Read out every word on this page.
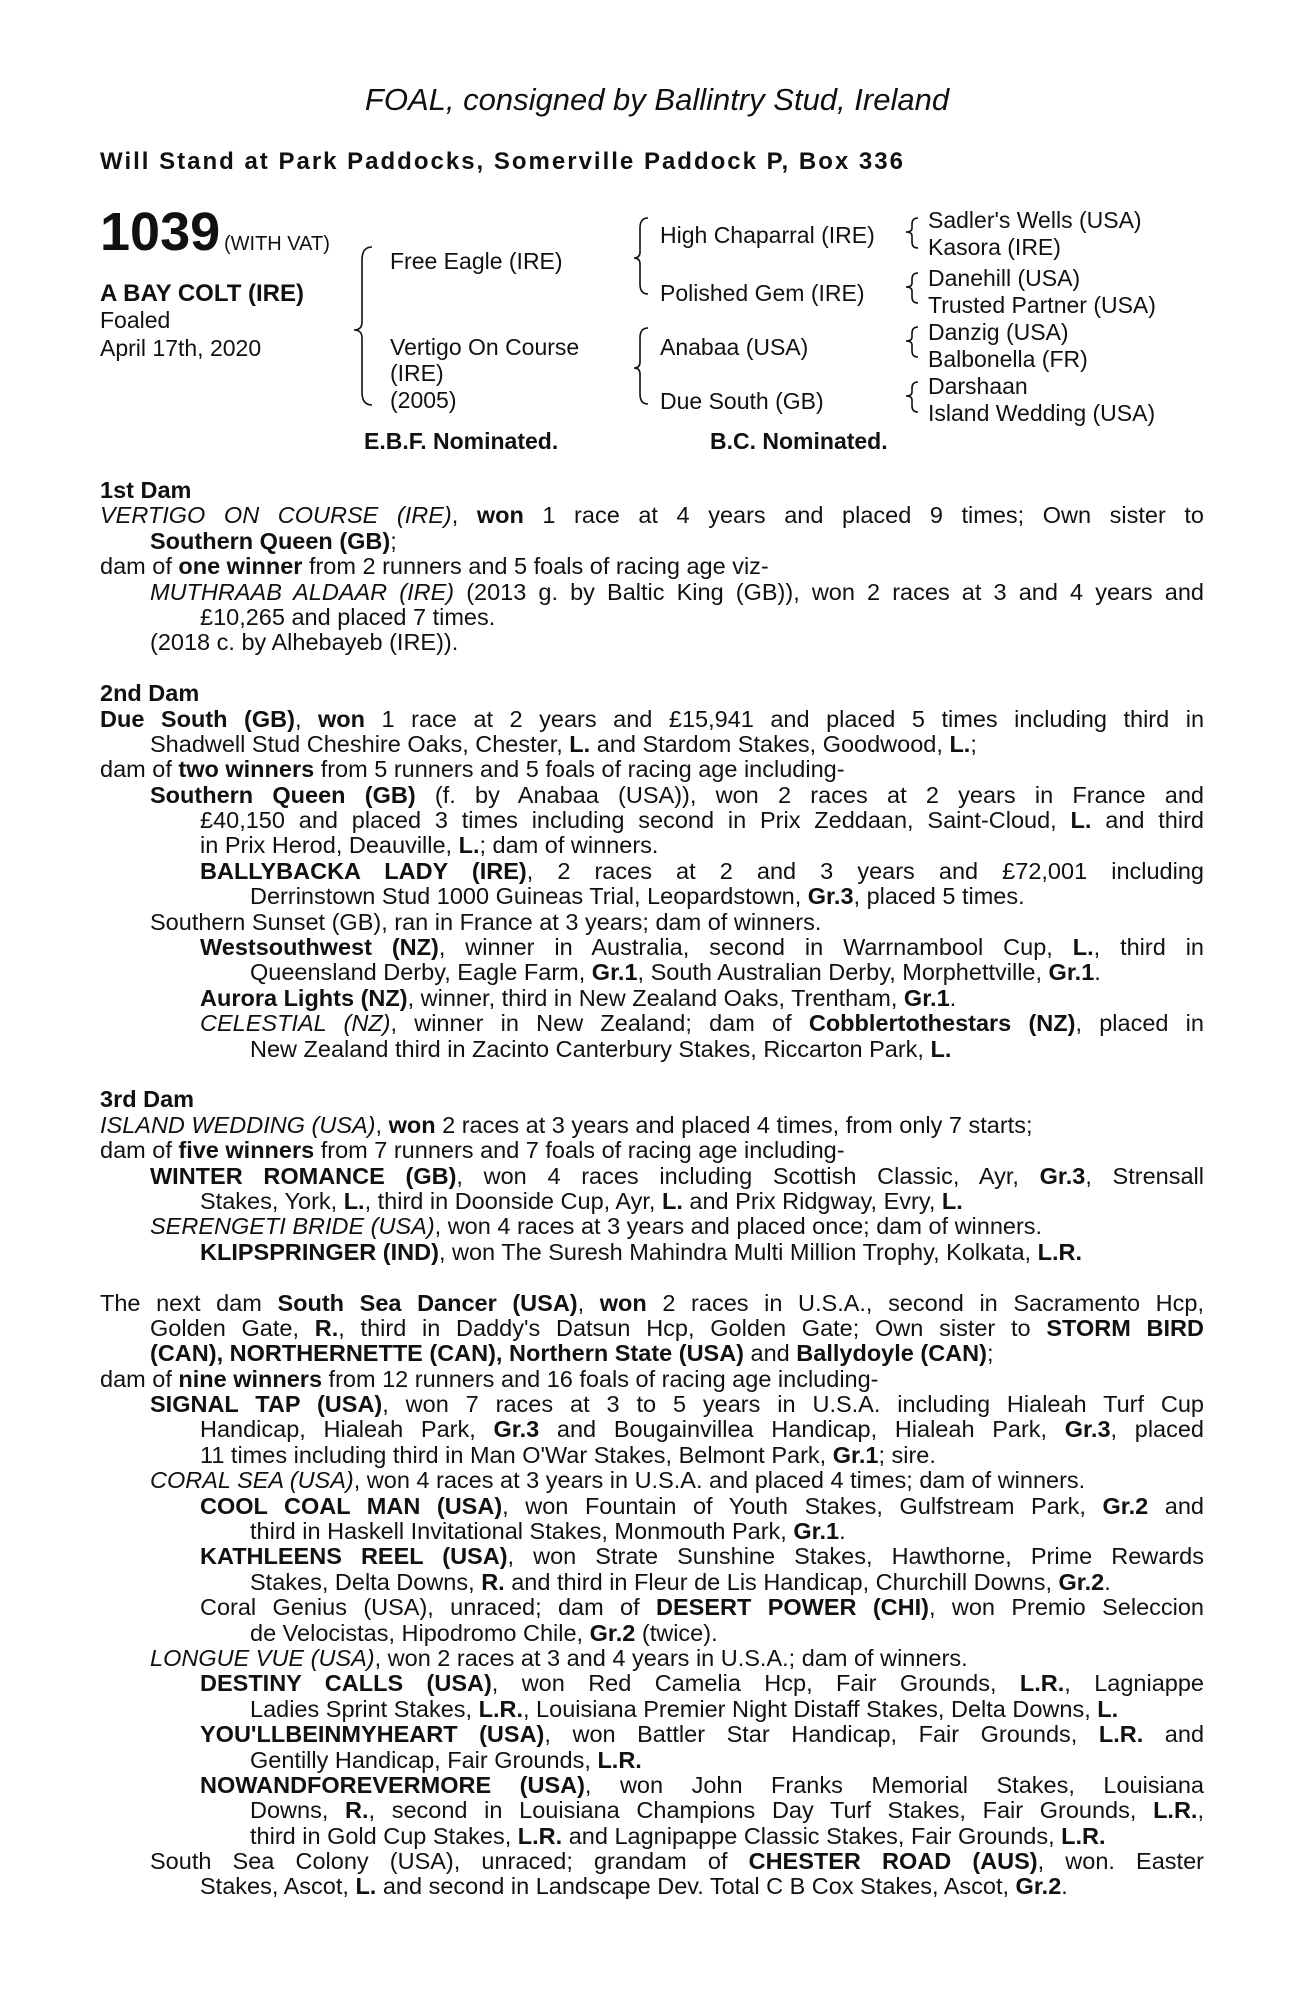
FOAL, consigned by Ballintry Stud, Ireland
Will Stand at Park Paddocks, Somerville Paddock P, Box 336
1039 (WITH VAT)
A BAY COLT (IRE)
Foaled
April 17th, 2020
Free Eagle (IRE)
Vertigo On Course
(IRE)
(2005)
High Chaparral (IRE)
Polished Gem (IRE)
Anabaa (USA)
Due South (GB)
Sadler's Wells (USA)
Kasora (IRE)
Danehill (USA)
Trusted Partner (USA)
Danzig (USA)
Balbonella (FR)
Darshaan
Island Wedding (USA)
E.B.F. Nominated.	B.C. Nominated.
1st Dam
VERTIGO ON COURSE (IRE), won 1 race at 4 years and placed 9 times; Own sister to
Southern Queen (GB);
dam of one winner from 2 runners and 5 foals of racing age viz-
MUTHRAAB ALDAAR (IRE) (2013 g. by Baltic King (GB)), won 2 races at 3 and 4 years and
£10,265 and placed 7 times.
(2018 c. by Alhebayeb (IRE)).
2nd Dam
Due South (GB), won 1 race at 2 years and £15,941 and placed 5 times including third in
Shadwell Stud Cheshire Oaks, Chester, L. and Stardom Stakes, Goodwood, L.;
dam of two winners from 5 runners and 5 foals of racing age including-
Southern Queen (GB) (f. by Anabaa (USA)), won 2 races at 2 years in France and
£40,150 and placed 3 times including second in Prix Zeddaan, Saint-Cloud, L. and third
in Prix Herod, Deauville, L.; dam of winners.
BALLYBACKA LADY (IRE), 2 races at 2 and 3 years and £72,001 including
Derrinstown Stud 1000 Guineas Trial, Leopardstown, Gr.3, placed 5 times.
Southern Sunset (GB), ran in France at 3 years; dam of winners.
Westsouthwest (NZ), winner in Australia, second in Warrnambool Cup, L., third in
Queensland Derby, Eagle Farm, Gr.1, South Australian Derby, Morphettville, Gr.1.
Aurora Lights (NZ), winner, third in New Zealand Oaks, Trentham, Gr.1.
CELESTIAL (NZ), winner in New Zealand; dam of Cobblertothestars (NZ), placed in
New Zealand third in Zacinto Canterbury Stakes, Riccarton Park, L.
3rd Dam
ISLAND WEDDING (USA), won 2 races at 3 years and placed 4 times, from only 7 starts;
dam of five winners from 7 runners and 7 foals of racing age including-
WINTER ROMANCE (GB), won 4 races including Scottish Classic, Ayr, Gr.3, Strensall
Stakes, York, L., third in Doonside Cup, Ayr, L. and Prix Ridgway, Evry, L.
SERENGETI BRIDE (USA), won 4 races at 3 years and placed once; dam of winners.
KLIPSPRINGER (IND), won The Suresh Mahindra Multi Million Trophy, Kolkata, L.R.
The next dam South Sea Dancer (USA), won 2 races in U.S.A., second in Sacramento Hcp,
Golden Gate, R., third in Daddy's Datsun Hcp, Golden Gate; Own sister to STORM BIRD
(CAN), NORTHERNETTE (CAN), Northern State (USA) and Ballydoyle (CAN);
dam of nine winners from 12 runners and 16 foals of racing age including-
SIGNAL TAP (USA), won 7 races at 3 to 5 years in U.S.A. including Hialeah Turf Cup
Handicap, Hialeah Park, Gr.3 and Bougainvillea Handicap, Hialeah Park, Gr.3, placed
11 times including third in Man O'War Stakes, Belmont Park, Gr.1; sire.
CORAL SEA (USA), won 4 races at 3 years in U.S.A. and placed 4 times; dam of winners.
COOL COAL MAN (USA), won Fountain of Youth Stakes, Gulfstream Park, Gr.2 and
third in Haskell Invitational Stakes, Monmouth Park, Gr.1.
KATHLEENS REEL (USA), won Strate Sunshine Stakes, Hawthorne, Prime Rewards
Stakes, Delta Downs, R. and third in Fleur de Lis Handicap, Churchill Downs, Gr.2.
Coral Genius (USA), unraced; dam of DESERT POWER (CHI), won Premio Seleccion
de Velocistas, Hipodromo Chile, Gr.2 (twice).
LONGUE VUE (USA), won 2 races at 3 and 4 years in U.S.A.; dam of winners.
DESTINY CALLS (USA), won Red Camelia Hcp, Fair Grounds, L.R., Lagniappe
Ladies Sprint Stakes, L.R., Louisiana Premier Night Distaff Stakes, Delta Downs, L.
YOU'LLBEINMYHEART (USA), won Battler Star Handicap, Fair Grounds, L.R. and
Gentilly Handicap, Fair Grounds, L.R.
NOWANDFOREVERMORE (USA), won John Franks Memorial Stakes, Louisiana
Downs, R., second in Louisiana Champions Day Turf Stakes, Fair Grounds, L.R.,
third in Gold Cup Stakes, L.R. and Lagnipappe Classic Stakes, Fair Grounds, L.R.
South Sea Colony (USA), unraced; grandam of CHESTER ROAD (AUS), won. Easter
Stakes, Ascot, L. and second in Landscape Dev. Total C B Cox Stakes, Ascot, Gr.2.
